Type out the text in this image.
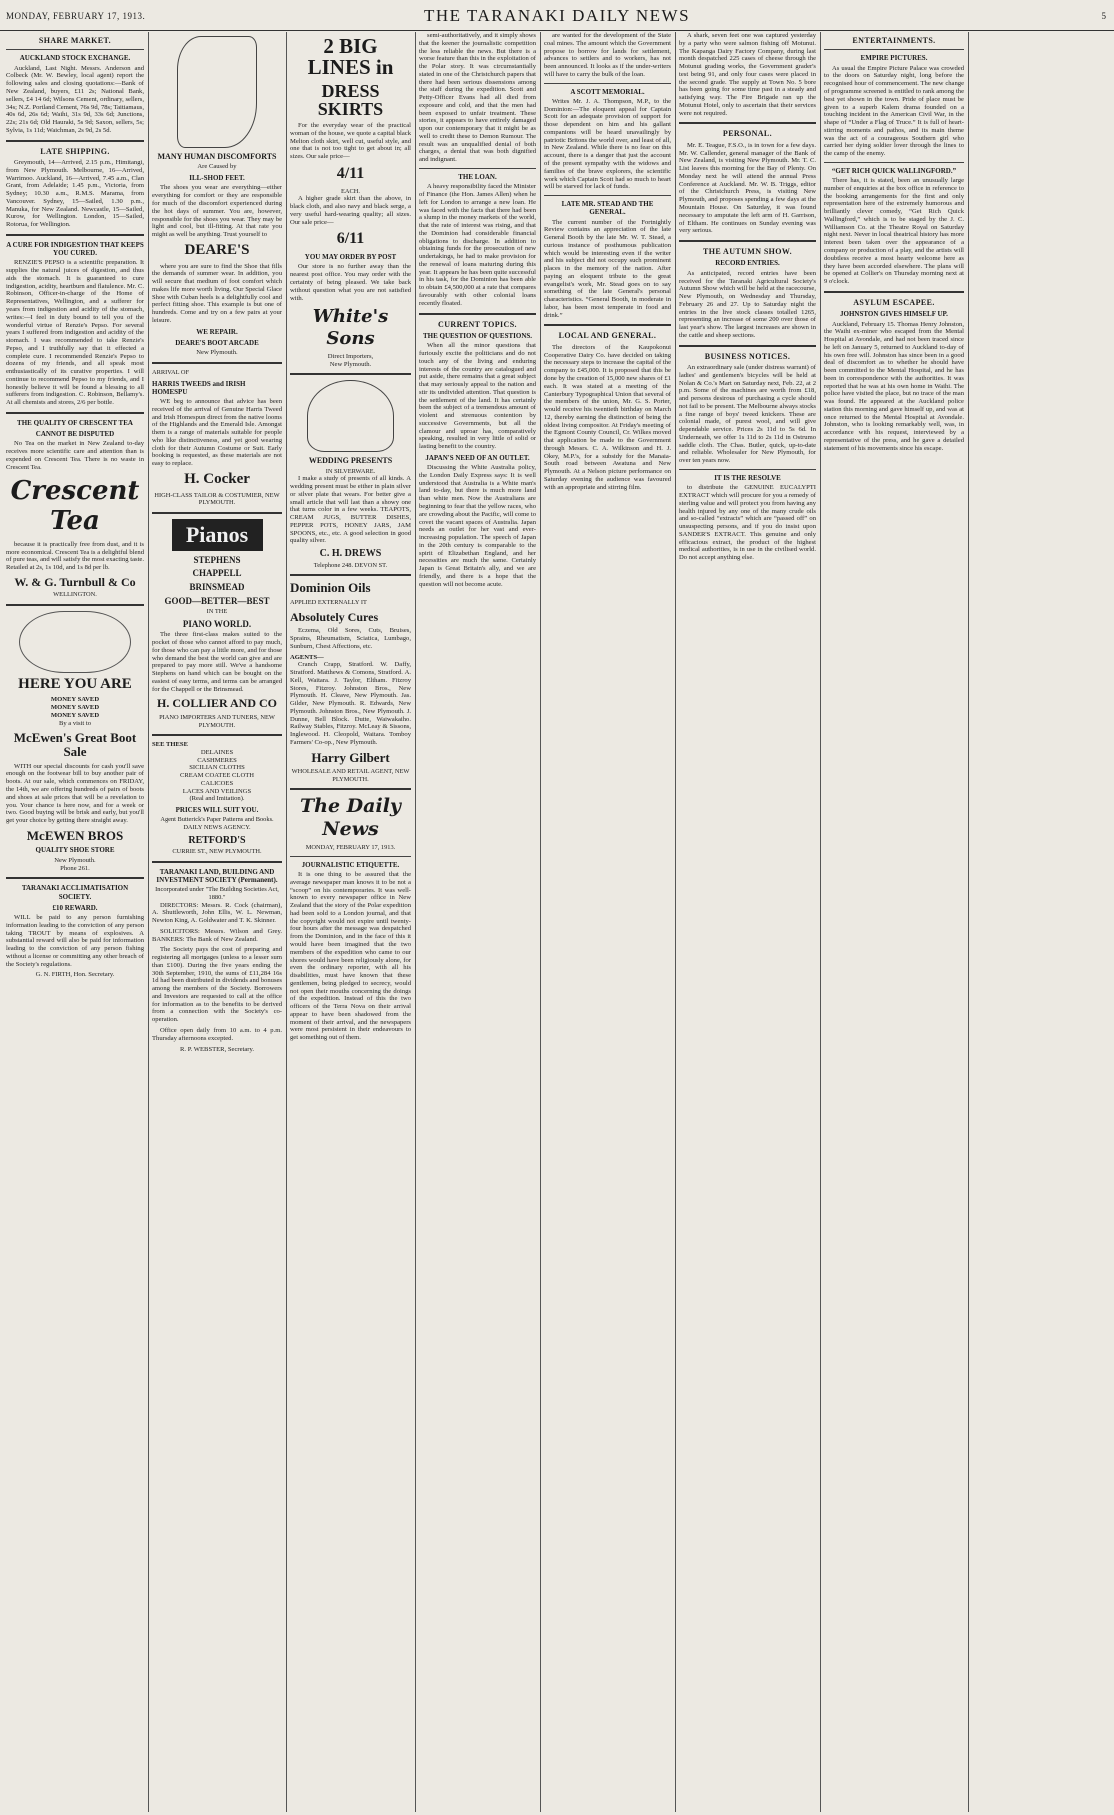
MONDAY, FEBRUARY 17, 1913.	THE TARANAKI DAILY NEWS	5
SHARE MARKET.
AUCKLAND STOCK EXCHANGE.

Auckland, Last Night. Messrs. Anderson and Colbeck (Mr. W. Bewley, local agent) report the following sales and closing quotations:—Bank of New Zealand, buyers, £11 2s; National Bank, sellers, £4 14 6d; Wilsons Cement, ordinary, sellers, 34s; N.Z. Portland Cement, 76s 9d, 78s; Taitiamaus, 40s 6d, 26s 6d; Waihi, 31s 9d, 33s 6d; Junctions, 22s; 21s 6d; Old Hauraki, 5s 9d; Saxon, sellers, 5s; Sylvia, 1s 11d; Waichman, 2s 9d, 2s 5d.

LATE SHIPPING.

Greymouth, 14—Arrived, 2.15 p.m., Himitangi, from New Plymouth. Melbourne, 16—Arrived, Warrimoo. Auckland, 16—Arrived, 7.45 a.m., Clan Grant, from Adelaide; 1.45 p.m., Victoria, from Sydney; 10.30 a.m., R.M.S. Marama, from Vancouver. Sydney, 15—Sailed, 1.30 p.m., Manuka, for New Zealand. Newcastle, 15—Sailed, Kurow, for Wellington. London, 15—Sailed, Rotorua, for Wellington.

A CURE FOR INDIGESTION THAT KEEPS YOU CURED.

RENZIE'S PEPSO is a scientific preparation. It supplies the natural juices of digestion, and thus aids the stomach. It is guaranteed to cure indigestion, acidity, heartburn and flatulence. Mr. C. Robinson, Officer-in-charge of the Home of Representatives, Wellington, and a sufferer for years from indigestion and acidity of the stomach, writes:—I feel in duty bound to tell you of the wonderful virtue of Renzie's Pepso. For several years I suffered from indigestion and acidity of the stomach. I was recommended to take Renzie's Pepso, and I truthfully say that it effected a complete cure. I recommended Renzie's Pepso to dozens of my friends, and all speak most enthusiastically of its curative properties. I will continue to recommend Pepso to my friends, and I honestly believe it will be found a blessing to all sufferers from indigestion. C. Robinson, Bellamy's. At all chemists and stores, 2/6 per bottle.

THE QUALITY OF CRESCENT TEA
CANNOT BE DISPUTED

No Tea on the market in New Zealand to-day receives more scientific care and attention than is expended on Crescent Tea. There is no waste in Crescent Tea.

Crescent Tea

because it is practically free from dust, and it is more economical. Crescent Tea is a delightful blend of pure teas, and will satisfy the most exacting taste. Retailed at 2s, 1s 10d, and 1s 8d per lb.

W. & G. Turnbull & Co
WELLINGTON.
HERE YOU ARE
MONEY SAVED
MONEY SAVED
MONEY SAVED
By a visit to
McEwen's Great Boot Sale

WITH our special discounts for cash you'll save enough on the footwear bill to buy another pair of boots. At our sale, which commences on FRIDAY, the 14th, we are offering hundreds of pairs of boots and shoes at sale prices that will be a revelation to you. Your chance is here now, and for a week or two. Good buying will be brisk and early, but you'll get your choice by getting there straight away.

McEWEN BROS
QUALITY SHOE STORE
New Plymouth.
Phone 261.
TARANAKI ACCLIMATISATION SOCIETY.
£10 REWARD.

WILL be paid to any person furnishing information leading to the conviction of any person taking TROUT by means of explosives. A substantial reward will also be paid for information leading to the conviction of any person fishing without a license or committing any other breach of the Society's regulations.

G. N. FIRTH, Hon. Secretary.
MANY HUMAN DISCOMFORTS
Are Caused by
ILL-SHOD FEET.

The shoes you wear are everything—either everything for comfort or they are responsible for much of the discomfort experienced during the hot days of summer. You are, however, responsible for the shoes you wear. They may be light and cool, but ill-fitting. At that rate you might as well be anything. Trust yourself to

DEARE'S

where you are sure to find the Shoe that fills the demands of summer wear. In addition, you will secure that medium of foot comfort which makes life more worth living. Our Special Glace Shoe with Cuban heels is a delightfully cool and perfect fitting shoe. This example is but one of hundreds. Come and try on a few pairs at your leisure.

WE REPAIR.
DEARE'S BOOT ARCADE
New Plymouth.
ARRIVAL OF
HARRIS TWEEDS and IRISH HOMESPU

WE beg to announce that advice has been received of the arrival of Genuine Harris Tweed and Irish Homespun direct from the native looms of the Highlands and the Emerald Isle. Amongst them is a range of materials suitable for people who like distinctiveness, and yet good wearing cloth for their Autumn Costume or Suit. Early booking is requested, as these materials are not easy to replace.

H. Cocker
HIGH-CLASS TAILOR & COSTUMIER, NEW PLYMOUTH.
Pianos
STEPHENS
CHAPPELL
BRINSMEAD
GOOD—BETTER—BEST
IN THE
PIANO WORLD.

The three first-class makes suited to the pocket of those who cannot afford to pay much, for those who can pay a little more, and for those who demand the best the world can give and are prepared to pay more still. We've a handsome Stephens on hand which can be bought on the easiest of easy terms, and terms can be arranged for the Chappell or the Brinsmead.

H. COLLIER AND CO
PIANO IMPORTERS AND TUNERS, NEW PLYMOUTH.
SEE THESE
DELAINES
CASHMERES
SICILIAN CLOTHS
CREAM COATEE CLOTH
CALICOES
LACES AND VEILINGS
(Real and Imitation).
PRICES WILL SUIT YOU.
Agent Butterick's Paper Patterns and Books.
DAILY NEWS AGENCY.
RETFORD'S
CURRIE ST., NEW PLYMOUTH.
TARANAKI LAND, BUILDING AND INVESTMENT SOCIETY (Permanent).
Incorporated under "The Building Societies Act, 1880."

DIRECTORS: Messrs. R. Cock (chairman), A. Shuttleworth, John Ellis, W. L. Newman, Newton King, A. Goldwater and T. K. Skinner.

SOLICITORS: Messrs. Wilson and Grey. BANKERS: The Bank of New Zealand.

The Society pays the cost of preparing and registering all mortgages (unless to a lesser sum than £100). During the five years ending the 30th September, 1910, the sums of £11,284 16s 1d had been distributed in dividends and bonuses among the members of the Society. Borrowers and Investors are requested to call at the office for information as to the benefits to be derived from a connection with the Society's co-operation.

Office open daily from 10 a.m. to 4 p.m. Thursday afternoons excepted.

R. P. WEBSTER, Secretary.
2 BIG LINES in
DRESS SKIRTS

For the everyday wear of the practical woman of the house, we quote a capital black Melton cloth skirt, well cut, useful style, and one that is not too tight to get about in; all sizes. Our sale price—

4/11
EACH.

A higher grade skirt than the above, in black cloth, and also navy and black serge, a very useful hard-wearing quality; all sizes. Our sale price—

6/11
YOU MAY ORDER BY POST

Our store is no further away than the nearest post office. You may order with the certainty of being pleased. We take back without question what you are not satisfied with.

White's Sons
Direct Importers,
New Plymouth.
WEDDING PRESENTS
IN SILVERWARE.

I make a study of presents of all kinds. A wedding present must be either in plain silver or silver plate that wears. For better give a small article that will last than a showy one that turns color in a few weeks. TEAPOTS, CREAM JUGS, BUTTER DISHES, PEPPER POTS, HONEY JARS, JAM SPOONS, etc., etc. A good selection in good quality silver.

C. H. DREWS
Telephone 248. DEVON ST.
Dominion Oils
APPLIED EXTERNALLY IT
Absolutely Cures

Eczema, Old Sores, Cuts, Bruises, Sprains, Rheumatism, Sciatica, Lumbago, Sunburn, Chest Affections, etc.

AGENTS—

Cranch Crapp, Stratford. W. Daffy, Stratford. Matthews & Comons, Stratford. A. Kell, Waitara. J. Taylor, Eltham. Fitzroy Stores, Fitzroy. Johnston Bros., New Plymouth. H. Cleave, New Plymouth. Jas. Gilder, New Plymouth. R. Edwards, New Plymouth. Johnston Bros., New Plymouth. J. Dunne, Bell Block. Dutte, Waiwakaiho. Railway Stables, Fitzroy. McLeay & Sissons, Inglewood. H. Cleopold, Waitara. Tomboy Farmers' Co-op., New Plymouth.

Harry Gilbert
WHOLESALE AND RETAIL AGENT, NEW PLYMOUTH.
The Daily News
MONDAY, FEBRUARY 17, 1913.
JOURNALISTIC ETIQUETTE.

It is one thing to be assured that the average newspaper man knows it to be not a “scoop” on his contemporaries. It was well-known to every newspaper office in New Zealand that the story of the Polar expedition had been sold to a London journal, and that the copyright would not expire until twenty-four hours after the message was despatched from the Dominion, and in the face of this it would have been imagined that the two members of the expedition who came to our shores would have been religiously alone, for even the ordinary reporter, with all his disabilities, must have known that these gentlemen, being pledged to secrecy, would not open their mouths concerning the doings of the expedition. Instead of this the two officers of the Terra Nova on their arrival appear to have been shadowed from the moment of their arrival, and the newspapers were most persistent in their endeavours to get something out of them.

semi-authoritatively, and it simply shows that the keener the journalistic competition the less reliable the news. But there is a worse feature than this in the exploitation of the Polar story. It was circumstantially stated in one of the Christchurch papers that there had been serious dissensions among the staff during the expedition. Scott and Petty-Officer Evans had all died from exposure and cold, and that the men had been exposed to unfair treatment. These stories, it appears to have entirely damaged upon our contemporary that it might be as well to credit these to Demon Rumour. The result was an unqualified denial of both charges, a denial that was both dignified and indignant.

THE LOAN.

A heavy responsibility faced the Minister of Finance (the Hon. James Allen) when he left for London to arrange a new loan. He was faced with the facts that there had been a slump in the money markets of the world, that the rate of interest was rising, and that the Dominion had considerable financial obligations to discharge. In addition to obtaining funds for the prosecution of new undertakings, he had to make provision for the renewal of loans maturing during this year. It appears he has been quite successful in his task, for the Dominion has been able to obtain £4,500,000 at a rate that compares favourably with other colonial loans recently floated.

CURRENT TOPICS.
THE QUESTION OF QUESTIONS.

When all the minor questions that furiously excite the politicians and do not touch any of the living and enduring interests of the country are catalogued and put aside, there remains that a great subject that may seriously appeal to the nation and stir its undivided attention. That question is the settlement of the land. It has certainly been the subject of a tremendous amount of violent and strenuous contention by successive Governments, but all the clamour and uproar has, comparatively speaking, resulted in very little of solid or lasting benefit to the country.

JAPAN'S NEED OF AN OUTLET.

Discussing the White Australia policy, the London Daily Express says: It is well understood that Australia is a White man's land to-day, but there is much more land than white men. Now the Australians are beginning to fear that the yellow races, who are crowding about the Pacific, will come to covet the vacant spaces of Australia. Japan needs an outlet for her vast and ever-increasing population. The speech of Japan in the 20th century is comparable to the spirit of Elizabethan England, and her necessities are much the same. Certainly Japan is Great Britain's ally, and we are friendly, and there is a hope that the question will not become acute.

are wanted for the development of the State coal mines. The amount which the Government propose to borrow for lands for settlement, advances to settlers and to workers, has not been announced. It looks as if the under-writers will have to carry the bulk of the loan.

A SCOTT MEMORIAL.

Writes Mr. J. A. Thompson, M.P., to the Dominion:—The eloquent appeal for Captain Scott for an adequate provision of support for those dependent on him and his gallant companions will be heard unavailingly by patriotic Britons the world over, and least of all, in New Zealand. While there is no fear on this account, there is a danger that just the account of the present sympathy with the widows and families of the brave explorers, the scientific work which Captain Scott had so much to heart will be starved for lack of funds.

LATE MR. STEAD AND THE GENERAL.

The current number of the Fortnightly Review contains an appreciation of the late General Booth by the late Mr. W. T. Stead, a curious instance of posthumous publication which would be interesting even if the writer and his subject did not occupy such prominent places in the memory of the nation. After paying an eloquent tribute to the great evangelist's work, Mr. Stead goes on to say something of the late General's personal characteristics. “General Booth, in moderate in labor, has been most temperate in food and drink.”

LOCAL AND GENERAL.

The directors of the Kaupokonui Cooperative Dairy Co. have decided on taking the necessary steps to increase the capital of the company to £45,000. It is proposed that this be done by the creation of 15,000 new shares of £1 each. It was stated at a meeting of the Canterbury Typographical Union that several of the members of the union, Mr. G. S. Porter, would receive his twentieth birthday on March 12, thereby earning the distinction of being the oldest living compositor. At Friday's meeting of the Egmont County Council, Cr. Wilkes moved that application be made to the Government through Messrs. C. A. Wilkinson and H. J. Okey, M.P.'s, for a subsidy for the Manaia-South road between Awatuna and New Plymouth. At a Nelson picture performance on Saturday evening the audience was favoured with an appropriate and stirring film.

A shark, seven feet one was captured yesterday by a party who were salmon fishing off Motunui. The Kapanga Dairy Factory Company, during last month despatched 225 cases of cheese through the Motunui grading works, the Government grader's test being 91, and only four cases were placed in the second grade. The supply at Town No. 5 bore has been going for some time past in a steady and satisfying way. The Fire Brigade ran up the Motunui Hotel, only to ascertain that their services were not required.

PERSONAL.

Mr. E. Teague, F.S.O., is in town for a few days. Mr. W. Callender, general manager of the Bank of New Zealand, is visiting New Plymouth. Mr. T. C. List leaves this morning for the Bay of Plenty. On Monday next he will attend the annual Press Conference at Auckland. Mr. W. B. Triggs, editor of the Christchurch Press, is visiting New Plymouth, and proposes spending a few days at the Mountain House. On Saturday, it was found necessary to amputate the left arm of H. Garrison, of Eltham. He continues on Sunday evening was very serious.

THE AUTUMN SHOW.
RECORD ENTRIES.

As anticipated, record entries have been received for the Taranaki Agricultural Society's Autumn Show which will be held at the racecourse, New Plymouth, on Wednesday and Thursday, February 26 and 27. Up to Saturday night the entries in the live stock classes totalled 1265, representing an increase of some 200 over those of last year's show. The largest increases are shown in the cattle and sheep sections.

BUSINESS NOTICES.

An extraordinary sale (under distress warrant) of ladies' and gentlemen's bicycles will be held at Nolan & Co.'s Mart on Saturday next, Feb. 22, at 2 p.m. Some of the machines are worth from £18, and persons desirous of purchasing a cycle should not fail to be present. The Melbourne always stocks a fine range of boys' tweed knickers. These are colonial made, of purest wool, and will give dependable service. Prices 2s 11d to 5s 6d. In Underneath, we offer 1s 11d to 2s 11d in Ostrumo saddle cloth. The Chas. Butler, quick, up-to-date and reliable. Wholesaler for New Plymouth, for over ten years now.

IT IS THE RESOLVE

to distribute the GENUINE EUCALYPTI EXTRACT which will procure for you a remedy of sterling value and will protect you from having any health injured by any one of the many crude oils and so-called “extracts” which are “passed off” on unsuspecting persons, and if you do insist upon SANDER'S EXTRACT. This genuine and only efficacious extract, the product of the highest medical authorities, is in use in the civilised world. Do not accept anything else.

ENTERTAINMENTS.
EMPIRE PICTURES.

As usual the Empire Picture Palace was crowded to the doors on Saturday night, long before the recognised hour of commencement. The new change of programme screened is entitled to rank among the best yet shown in the town. Pride of place must be given to a superb Kalem drama founded on a touching incident in the American Civil War, in the shape of “Under a Flag of Truce.” It is full of heart-stirring moments and pathos, and its main theme was the act of a courageous Southern girl who carried her dying soldier lover through the lines to the camp of the enemy.

“GET RICH QUICK WALLINGFORD.”

There has, it is stated, been an unusually large number of enquiries at the box office in reference to the booking arrangements for the first and only representation here of the extremely humorous and brilliantly clever comedy, “Get Rich Quick Wallingford,” which is to be staged by the J. C. Williamson Co. at the Theatre Royal on Saturday night next. Never in local theatrical history has more interest been taken over the appearance of a company or production of a play, and the artists will doubtless receive a most hearty welcome here as they have been accorded elsewhere. The plans will be opened at Collier's on Thursday morning next at 9 o'clock.

ASYLUM ESCAPEE.
JOHNSTON GIVES HIMSELF UP.

Auckland, February 15. Thomas Henry Johnston, the Waihi ex-miner who escaped from the Mental Hospital at Avondale, and had not been traced since he left on January 5, returned to Auckland to-day of his own free will. Johnston has since been in a good deal of discomfort as to whether he should have been committed to the Mental Hospital, and he has been in correspondence with the authorities. It was reported that he was at his own home in Waihi. The police have visited the place, but no trace of the man was found. He appeared at the Auckland police station this morning and gave himself up, and was at once returned to the Mental Hospital at Avondale. Johnston, who is looking remarkably well, was, in accordance with his request, interviewed by a representative of the press, and he gave a detailed statement of his movements since his escape.
